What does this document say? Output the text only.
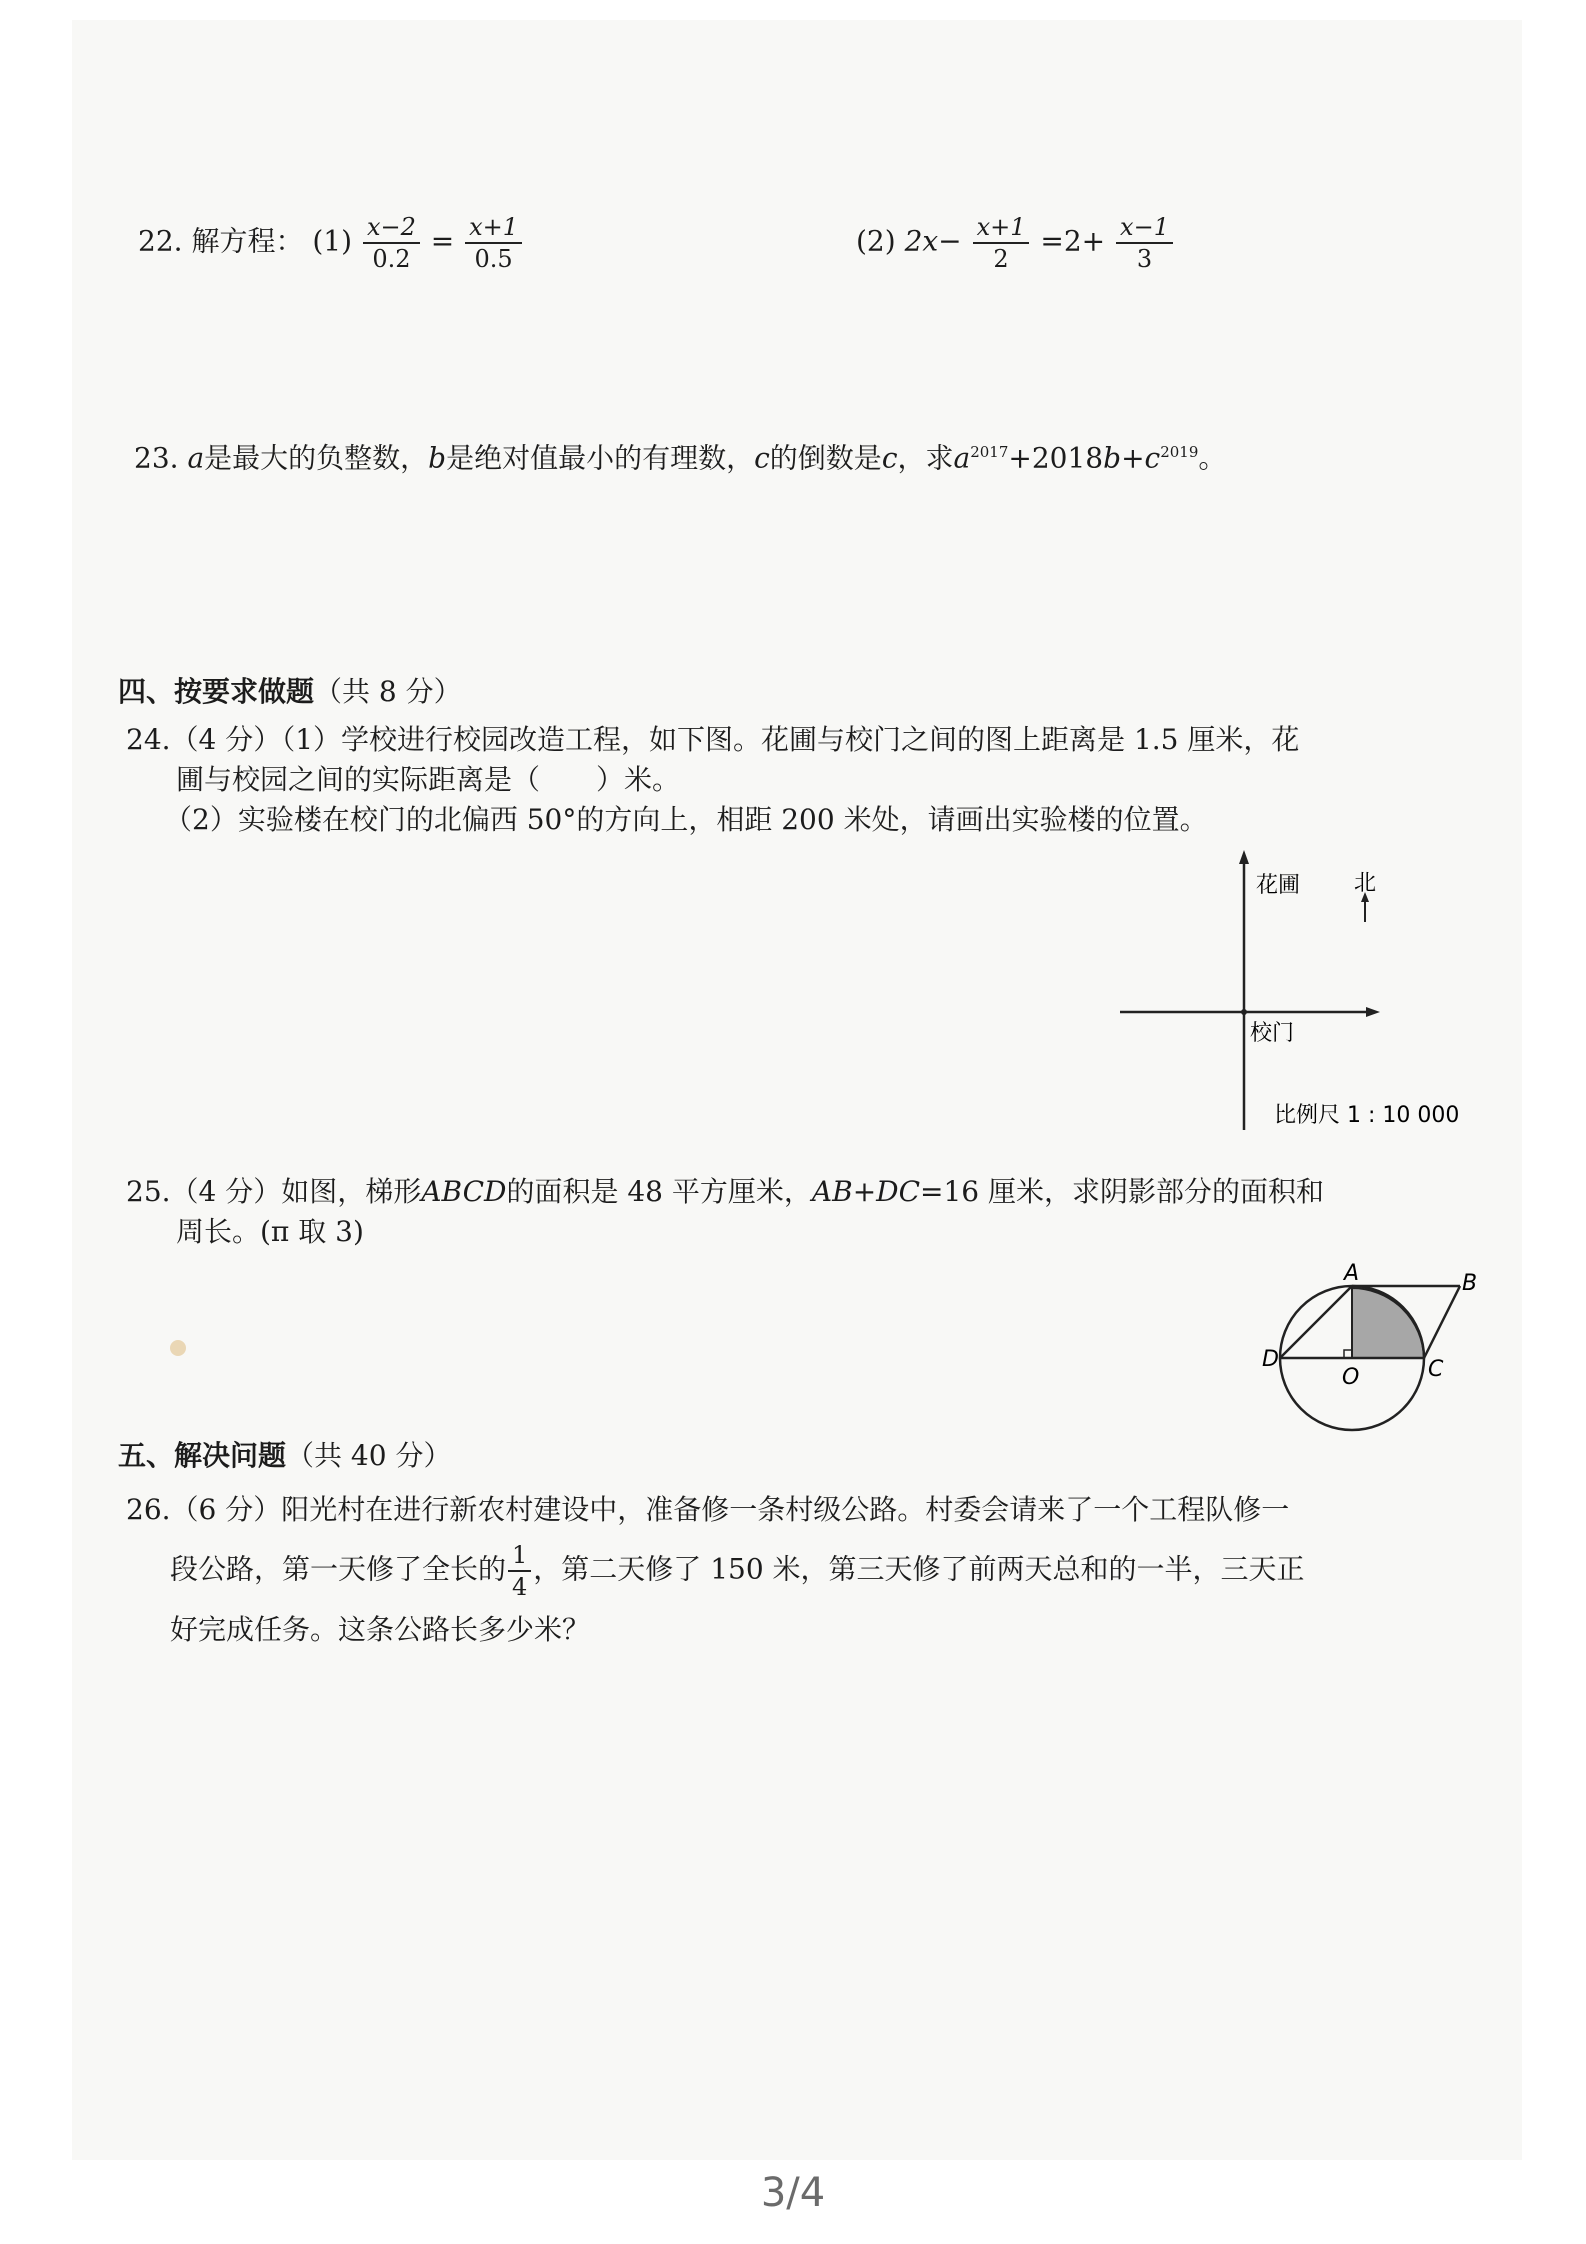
22. 解方程： $(1) \frac{x-2}{0.2} = \frac{x+1}{0.5}$	(2) $2x- \frac{x+1}{2} =2+ \frac{x-1}{3}$
23. a是最大的负整数，b是绝对值最小的有理数，c的倒数是c，求$a^{2017}+2018b+c^{2019}$。
四、按要求做题（共 8 分）
24.（4 分）（1）学校进行校园改造工程，如下图。花圃与校门之间的图上距离是 1.5 厘米，花
圃与校园之间的实际距离是（　　）米。
（2）实验楼在校门的北偏西 50°的方向上，相距 200 米处，请画出实验楼的位置。
花圃 北
校门
比例尺 1 : 10 000
25.（4 分）如图，梯形ABCD的面积是 48 平方厘米，AB+DC=16 厘米，求阴影部分的面积和
周长。(π 取 3)
A	B
C
D
O
五、解决问题（共 40 分）
26.（6 分）阳光村在进行新农村建设中，准备修一条村级公路。村委会请来了一个工程队修一
段公路，第一天修了全长的 $\frac{1}{4}$ ，第二天修了 150 米，第三天修了前两天总和的一半，三天正
好完成任务。这条公路长多少米？
3/4
